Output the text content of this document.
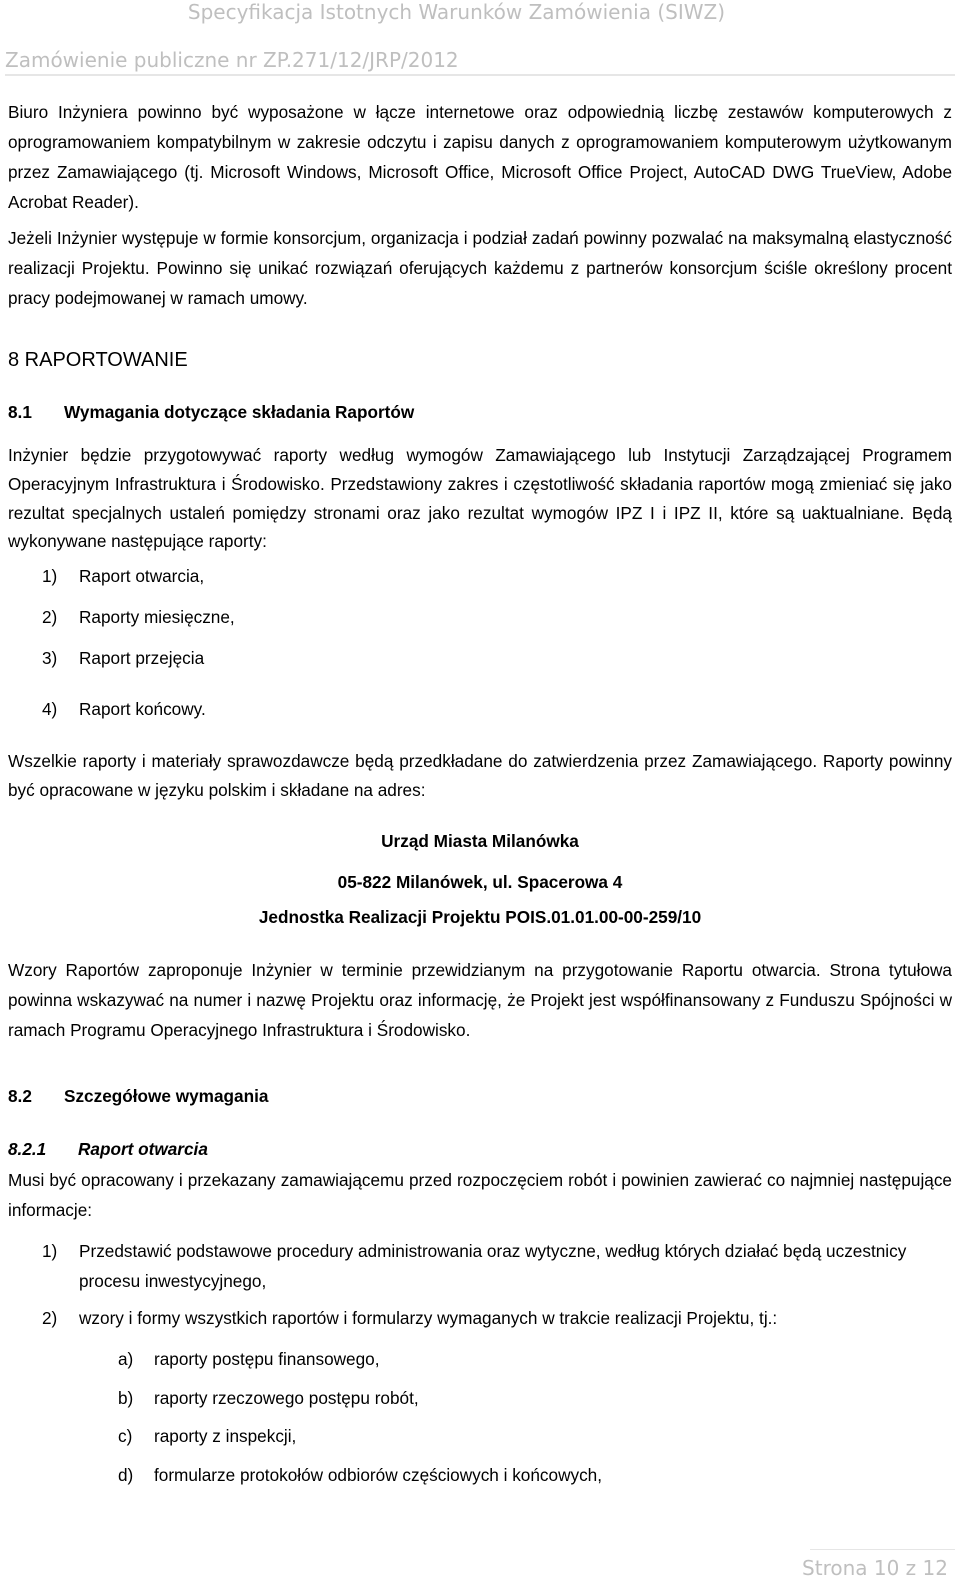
Specyfikacja Istotnych Warunków Zamówienia (SIWZ)
Zamówienie publiczne nr ZP.271/12/JRP/2012

Biuro Inżyniera powinno być wyposażone w łącze internetowe oraz odpowiednią liczbę zestawów komputerowych z oprogramowaniem kompatybilnym w zakresie odczytu i zapisu danych z oprogramowaniem komputerowym użytkowanym przez Zamawiającego (tj. Microsoft Windows, Microsoft Office, Microsoft Office Project, AutoCAD DWG TrueView, Adobe Acrobat Reader).

Jeżeli Inżynier występuje w formie konsorcjum, organizacja i podział zadań powinny pozwalać na maksymalną elastyczność realizacji Projektu. Powinno się unikać rozwiązań oferujących każdemu z partnerów konsorcjum ściśle określony procent pracy podejmowanej w ramach umowy.

8 RAPORTOWANIE
8.1 Wymagania dotyczące składania Raportów

Inżynier będzie przygotowywać raporty według wymogów Zamawiającego lub Instytucji Zarządzającej Programem Operacyjnym Infrastruktura i Środowisko. Przedstawiony zakres i częstotliwość składania raportów mogą zmieniać się jako rezultat specjalnych ustaleń pomiędzy stronami oraz jako rezultat wymogów IPZ I i IPZ II, które są uaktualniane. Będą wykonywane następujące raporty:

1) Raport otwarcia,
2) Raporty miesięczne,
3) Raport przejęcia
4) Raport końcowy.

Wszelkie raporty i materiały sprawozdawcze będą przedkładane do zatwierdzenia przez Zamawiającego. Raporty powinny być opracowane w języku polskim i składane na adres:

Urząd Miasta Milanówka
05-822 Milanówek, ul. Spacerowa 4
Jednostka Realizacji Projektu POIS.01.01.00-00-259/10

Wzory Raportów zaproponuje Inżynier w terminie przewidzianym na przygotowanie Raportu otwarcia. Strona tytułowa powinna wskazywać na numer i nazwę Projektu oraz informację, że Projekt jest współfinansowany z Funduszu Spójności w ramach Programu Operacyjnego Infrastruktura i Środowisko.

8.2 Szczegółowe wymagania
8.2.1 Raport otwarcia

Musi być opracowany i przekazany zamawiającemu przed rozpoczęciem robót i powinien zawierać co najmniej następujące informacje:

1) Przedstawić podstawowe procedury administrowania oraz wytyczne, według których działać będą uczestnicy procesu inwestycyjnego,
2) wzory i formy wszystkich raportów i formularzy wymaganych w trakcie realizacji Projektu, tj.:
a) raporty postępu finansowego,
b) raporty rzeczowego postępu robót,
c) raporty z inspekcji,
d) formularze protokołów odbiorów częściowych i końcowych,
Strona 10 z 12
